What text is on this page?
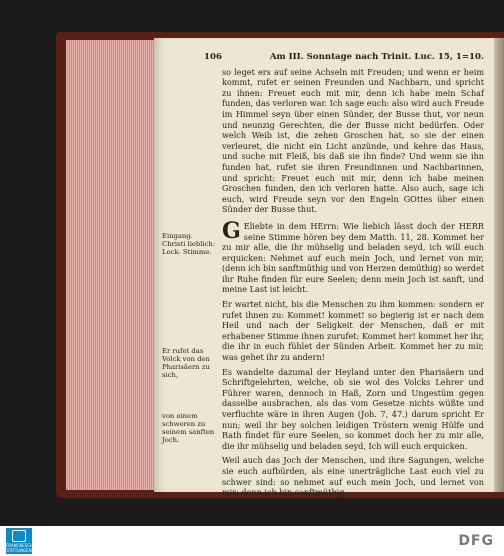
106	Am III. Sonntage nach Trinit. Luc. 15, 1=10.

so leget ers auf seine Achseln mit Freuden; und wenn er heim kommt, rufet er seinen Freunden und Nachbarn, und spricht zu ihnen: Freuet euch mit mir, denn ich habe mein Schaf funden, das verloren war. Ich sage euch: also wird auch Freude im Himmel seyn über einen Sünder, der Busse thut, vor neun und neunzig Gerechten, die der Busse nicht bedürfen. Oder welch Weib ist, die zehen Groschen hat, so sie der einen verleuret, die nicht ein Licht anzünde, und kehre das Haus, und suche mit Fleiß, bis daß sie ihn finde? Und wenn sie ihn funden hat, rufet sie ihren Freundinnen und Nachbarinnen, und spricht: Freuet euch mit mir, denn ich habe meinen Groschen funden, den ich verloren hatte. Also auch, sage ich euch, wird Freude seyn vor den Engeln GOttes über einen Sünder der Busse thut.

G Eliebte in dem HErrn: Wie liebich lässt doch der HERR seine Stimme hören bey dem Matth. 11, 28. Kommet her zu mir alle, die ihr mühselig und beladen seyd, ich will euch erquicken: Nehmet auf euch mein Joch, und lernet von mir, (denn ich bin sanftmüthig und von Herzen demüthig) so werdet ihr Ruhe finden für eure Seelen; denn mein Joch ist sanft, und meine Last ist leicht.

Er wartet nicht, bis die Menschen zu ihm kommen: sondern er rufet ihnen zu: Kommet! kommet! so begierig ist er nach dem Heil und nach der Seligkeit der Menschen, daß er mit erhabener Stimme ihnen zurufet: Kommet her! kommet her ihr, die ihr in euch fühlet der Sünden Arbeit. Kommet her zu mir, was gehet ihr zu andern!

Es wandelte dazumal der Heyland unter den Pharisäern und Schriftgelehrten, welche, ob sie wol des Volcks Lehrer und Führer waren, dennoch in Haß, Zorn und Ungestüm gegen dasselbe ausbrachen, als das vom Gesetze nichts wüßte und verfluchte wäre in ihren Augen (Joh. 7, 47.) darum spricht Er nun; weil ihr bey solchen leidigen Tröstern wenig Hülfe und Rath findet für eure Seelen, so kommet doch her zu mir alle, die ihr mühselig und beladen seyd, Ich will euch erquicken.

Weil auch das Joch der Menschen, und ihre Sagungen, welche sie euch aufbürden, als eine unerträgliche Last euch viel zu schwer sind: so nehmet auf euch mein Joch, und lernet von mir; denn ich bin sanftmüthig

Eingang. Christi lieblich: Lock- Stimme.
Er rufet das Volck von den Pharisäern zu sich,
von einem schweren zu seinem sanften Joch.
FRANCKESCHE STIFTUNGEN
DFG
